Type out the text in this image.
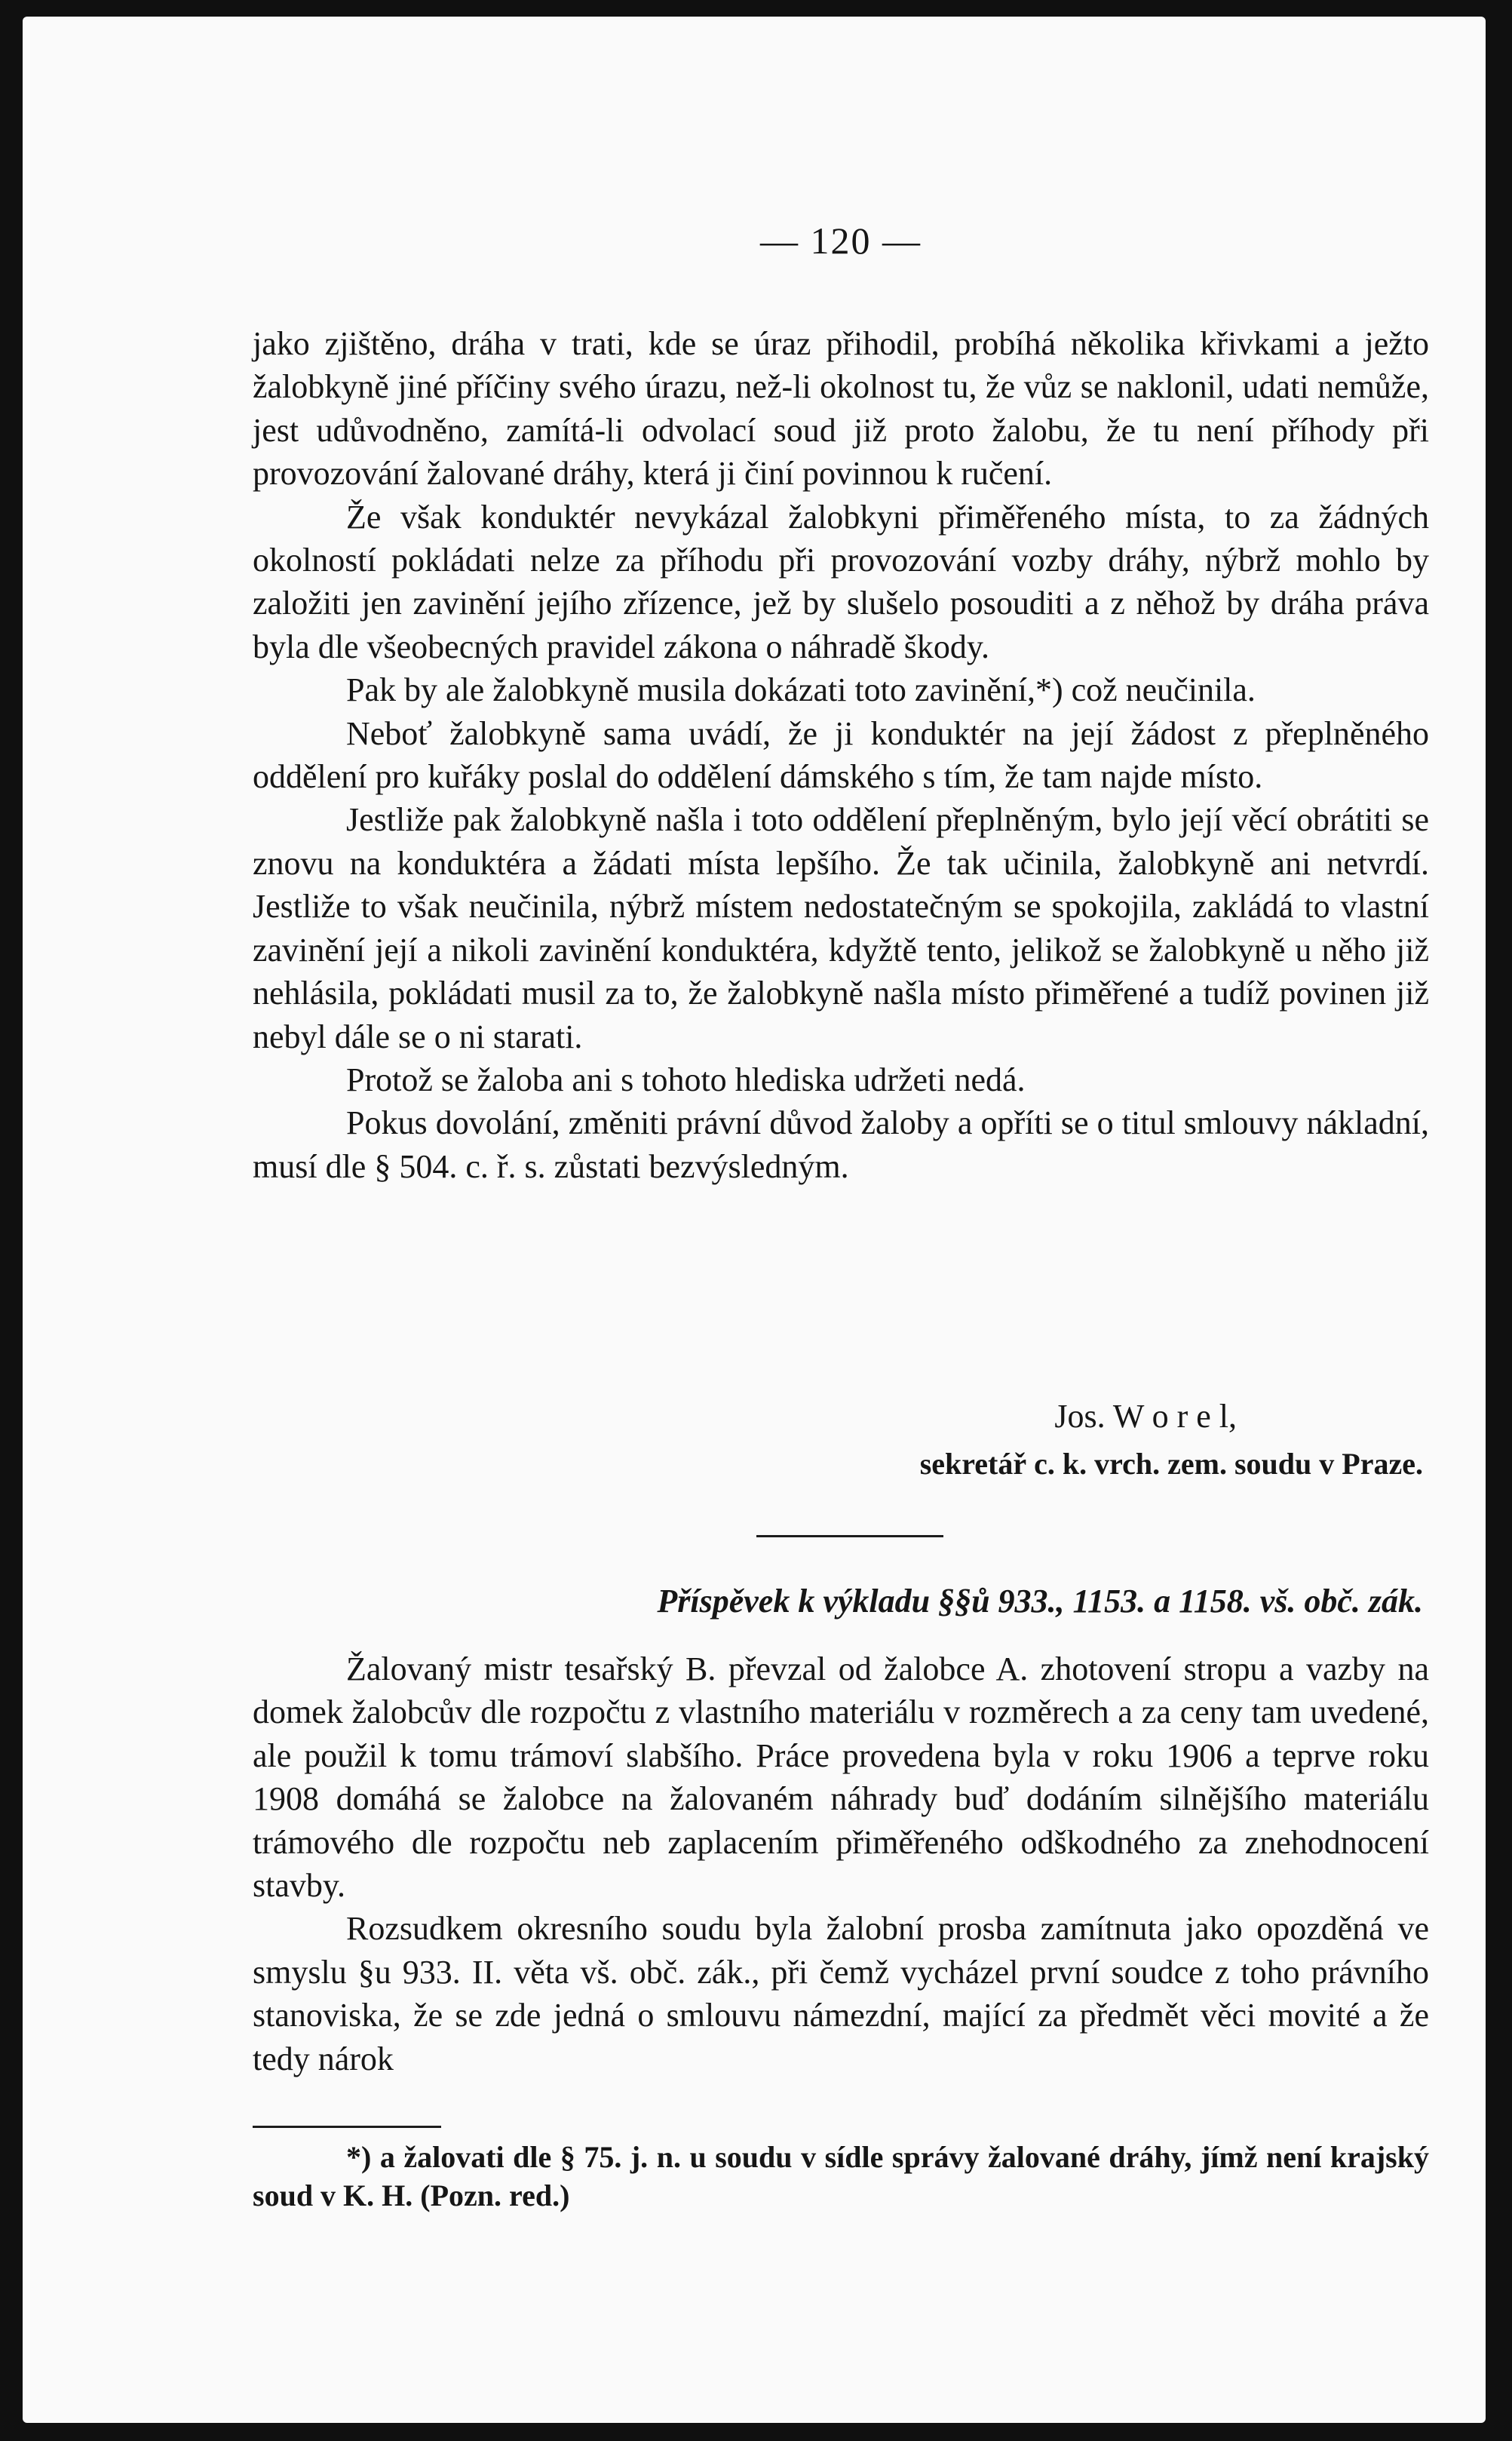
— 120 —

jako zjištěno, dráha v trati, kde se úraz přihodil, probíhá několika křivkami a ježto žalobkyně jiné příčiny svého úrazu, než-li okolnost tu, že vůz se naklonil, udati nemůže, jest udůvodněno, zamítá-li odvolací soud již proto žalobu, že tu není příhody při provozování žalované dráhy, která ji činí povinnou k ručení.

Že však konduktér nevykázal žalobkyni přiměřeného místa, to za žádných okolností pokládati nelze za příhodu při provozování vozby dráhy, nýbrž mohlo by založiti jen zavinění jejího zřízence, jež by slušelo posouditi a z něhož by dráha práva byla dle všeobecných pravidel zákona o náhradě škody.

Pak by ale žalobkyně musila dokázati toto zavinění,*) což neučinila.

Neboť žalobkyně sama uvádí, že ji konduktér na její žádost z přeplněného oddělení pro kuřáky poslal do oddělení dámského s tím, že tam najde místo.

Jestliže pak žalobkyně našla i toto oddělení přeplněným, bylo její věcí obrátiti se znovu na konduktéra a žádati místa lepšího. Že tak učinila, žalobkyně ani netvrdí. Jestliže to však neučinila, nýbrž místem nedostatečným se spokojila, zakládá to vlastní zavinění její a nikoli zavinění konduktéra, kdyžtě tento, jelikož se žalobkyně u něho již nehlásila, pokládati musil za to, že žalobkyně našla místo přiměřené a tudíž povinen již nebyl dále se o ni starati.

Protož se žaloba ani s tohoto hlediska udržeti nedá.

Pokus dovolání, změniti právní důvod žaloby a opříti se o titul smlouvy nákladní, musí dle § 504. c. ř. s. zůstati bezvýsledným.

Jos. W o r e l,
sekretář c. k. vrch. zem. soudu v Praze.
Příspěvek k výkladu §§ů 933., 1153. a 1158. vš. obč. zák.

Žalovaný mistr tesařský B. převzal od žalobce A. zhotovení stropu a vazby na domek žalobcův dle rozpočtu z vlastního materiálu v rozměrech a za ceny tam uvedené, ale použil k tomu trámoví slabšího. Práce provedena byla v roku 1906 a teprve roku 1908 domáhá se žalobce na žalovaném náhrady buď dodáním silnějšího materiálu trámového dle rozpočtu neb zaplacením přiměřeného odškodného za znehodnocení stavby.

Rozsudkem okresního soudu byla žalobní prosba zamítnuta jako opozděná ve smyslu §u 933. II. věta vš. obč. zák., při čemž vycházel první soudce z toho právního stanoviska, že se zde jedná o smlouvu námezdní, mající za předmět věci movité a že tedy nárok

*) a žalovati dle § 75. j. n. u soudu v sídle správy žalované dráhy, jímž není krajský soud v K. H. (Pozn. red.)
